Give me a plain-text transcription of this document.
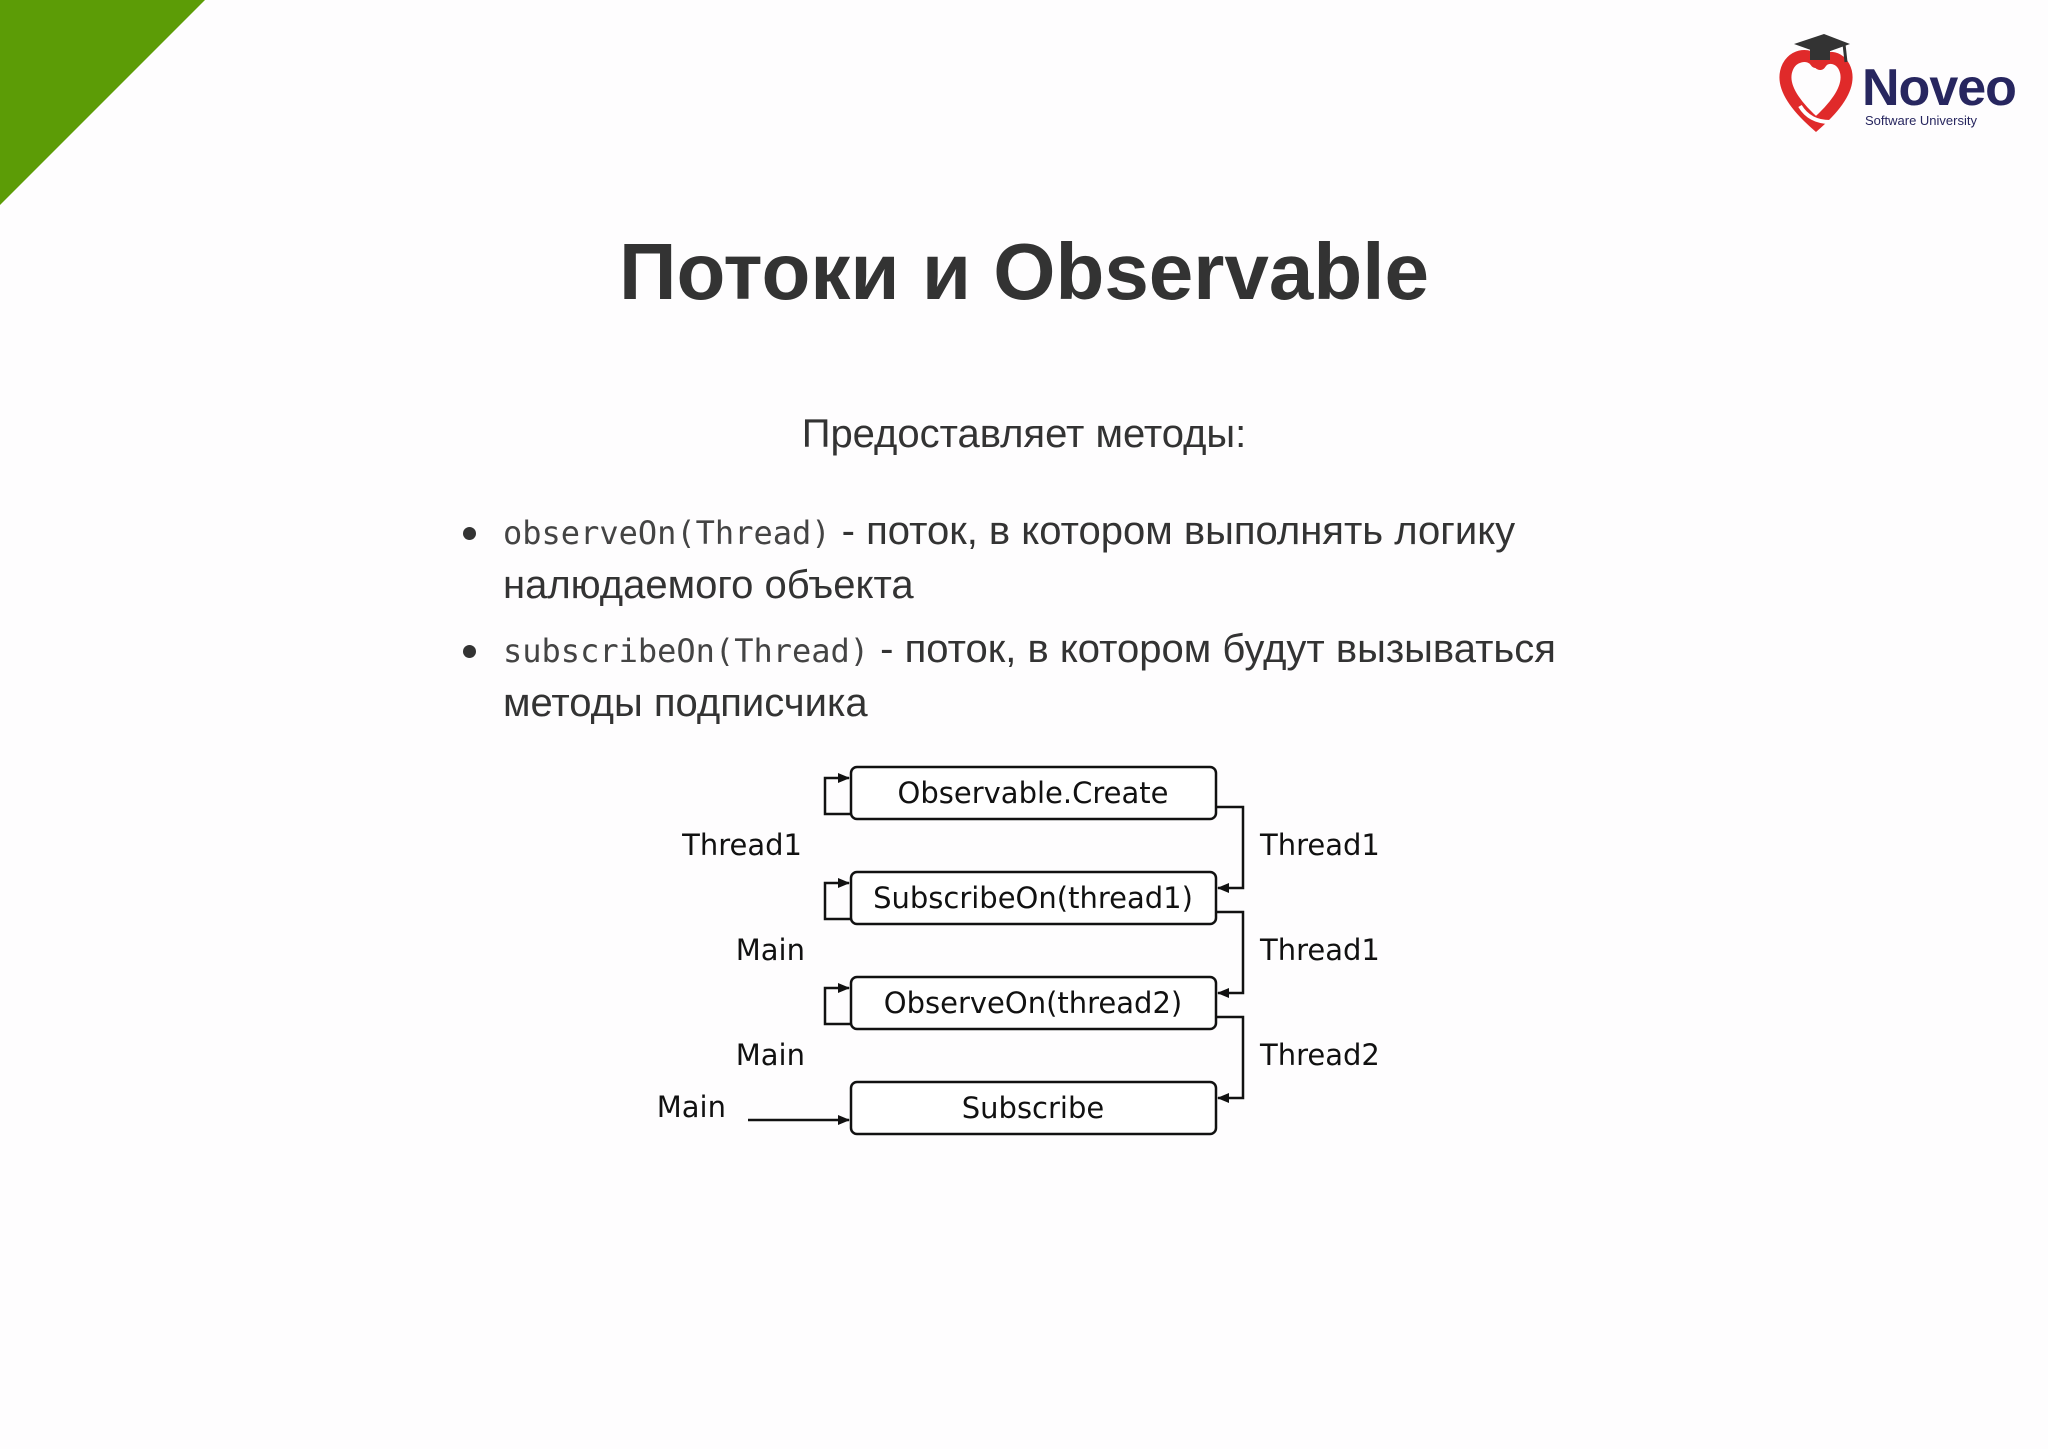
Noveo
Software University
Потоки и Observable
Предоставляет методы:
observeOn(Thread) - поток, в котором выполнять логику налюдаемого объекта
subscribeOn(Thread) - поток, в котором будут вызываться методы подписчика
Observable.Create
SubscribeOn(thread1)
ObserveOn(thread2)
Subscribe
Thread1
Main
Main
Main
Thread1
Thread1
Thread2
